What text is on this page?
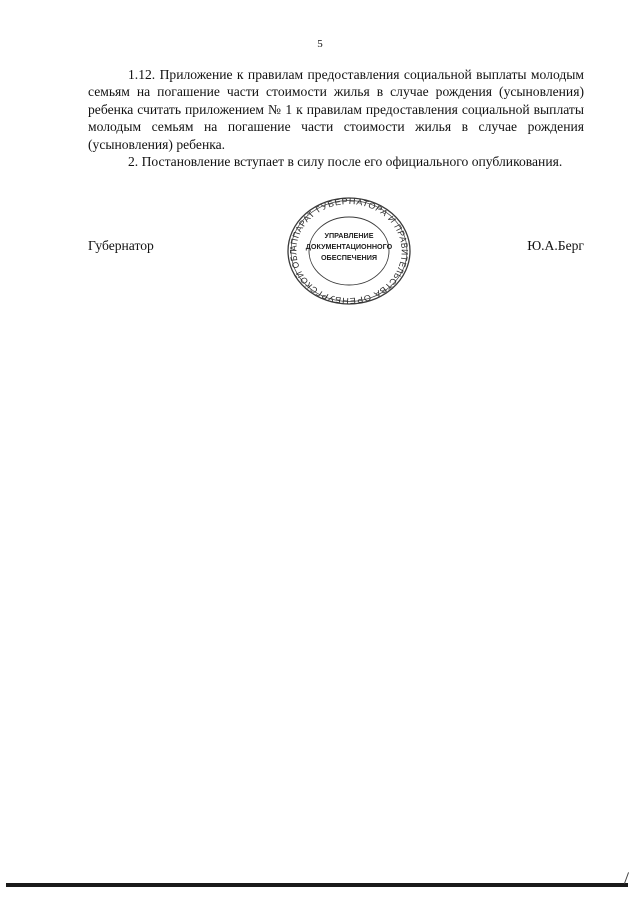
5

1.12. Приложение к правилам предоставления социальной выплаты молодым семьям на погашение части стоимости жилья в случае рождения (усыновления) ребенка считать приложением № 1 к правилам предоставления социальной выплаты молодым семьям на погашение части стоимости жилья в случае рождения (усыновления) ребенка.

2. Постановление вступает в силу после его официального опубликования.

Губернатор	АППАРАТ ГУБЕРНАТОРА И ПРАВИТЕЛЬСТВА ОРЕНБУРГСКОЙ ОБЛ
УПРАВЛЕНИЕ
ДОКУМЕНТАЦИОННОГО
ОБЕСПЕЧЕНИЯ
Ю.А.Берг
